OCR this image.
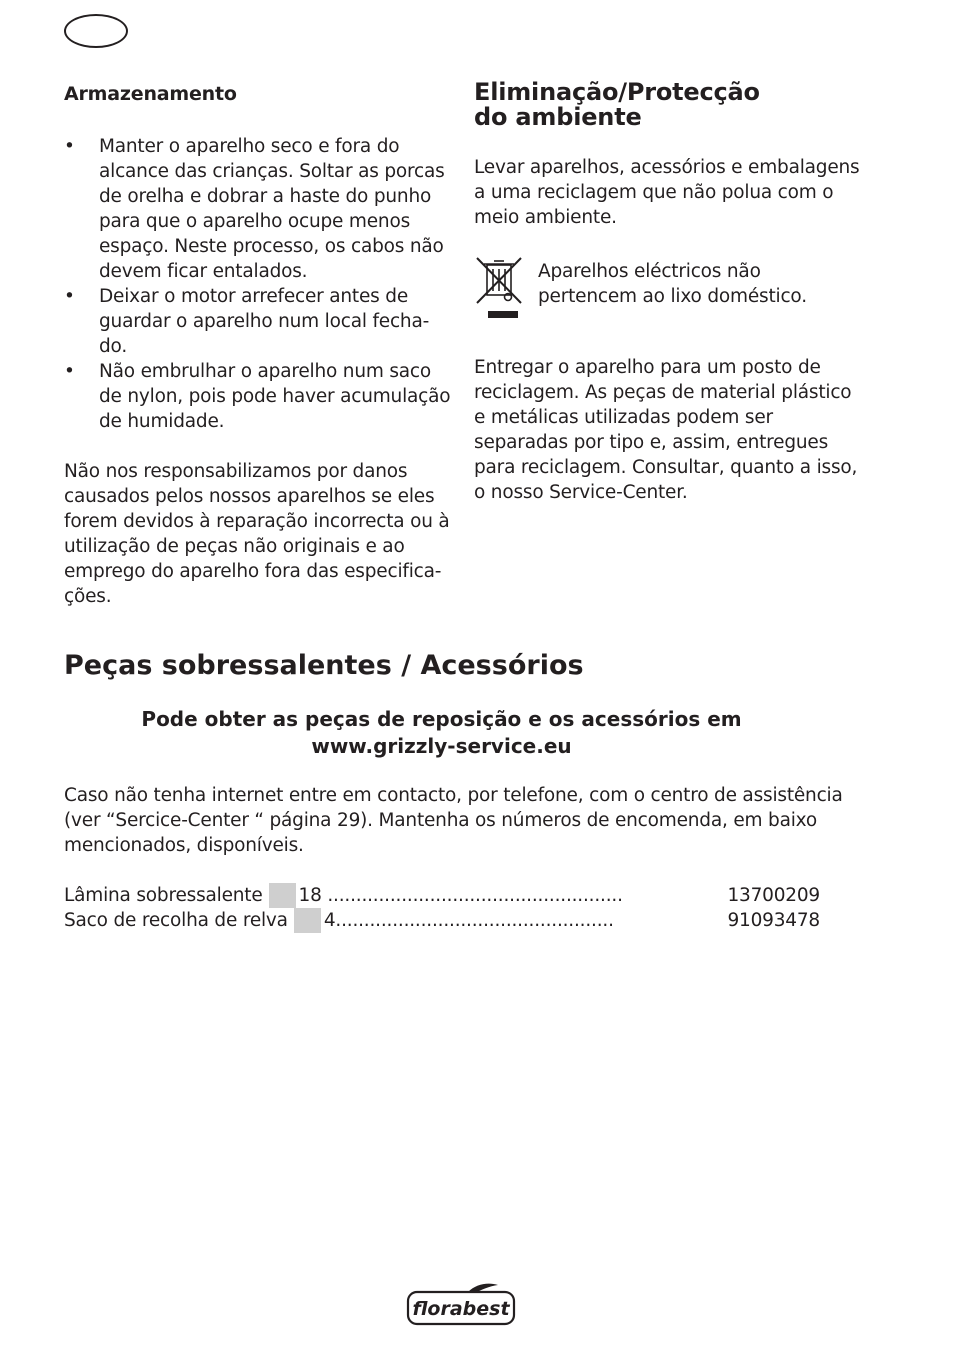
Armazenamento
• Manter o aparelho seco e fora do alcance das crianças. Soltar as porcas de orelha e dobrar a haste do punho para que o aparelho ocupe menos espaço. Neste processo, os cabos não devem ficar entalados.
• Deixar o motor arrefecer antes de guardar o aparelho num local fecha-do.
• Não embrulhar o aparelho num saco de nylon, pois pode haver acumulação de humidade.

Não nos responsabilizamos por danos causados pelos nossos aparelhos se eles forem devidos à reparação incorrecta ou à utilização de peças não originais e ao emprego do aparelho fora das especifica-ções.

Eliminação/Protecção
do ambiente

Levar aparelhos, acessórios e embalagens a uma reciclagem que não polua com o meio ambiente.

Aparelhos eléctricos não pertencem ao lixo doméstico.

Entregar o aparelho para um posto de reciclagem. As peças de material plástico e metálicas utilizadas podem ser separadas por tipo e, assim, entregues para reciclagem. Consultar, quanto a isso, o nosso Service-Center.

Peças sobressalentes / Acessórios
Pode obter as peças de reposição e os acessórios em
www.grizzly-service.eu

Caso não tenha internet entre em contacto, por telefone, com o centro de assistência (ver “Sercice-Center “ página 29). Mantenha os números de encomenda, em baixo mencionados, disponíveis.

Lâmina sobressalente 18 ....................................................	13700209
Saco de recolha de relva 4 .................................................	91093478
florabest
